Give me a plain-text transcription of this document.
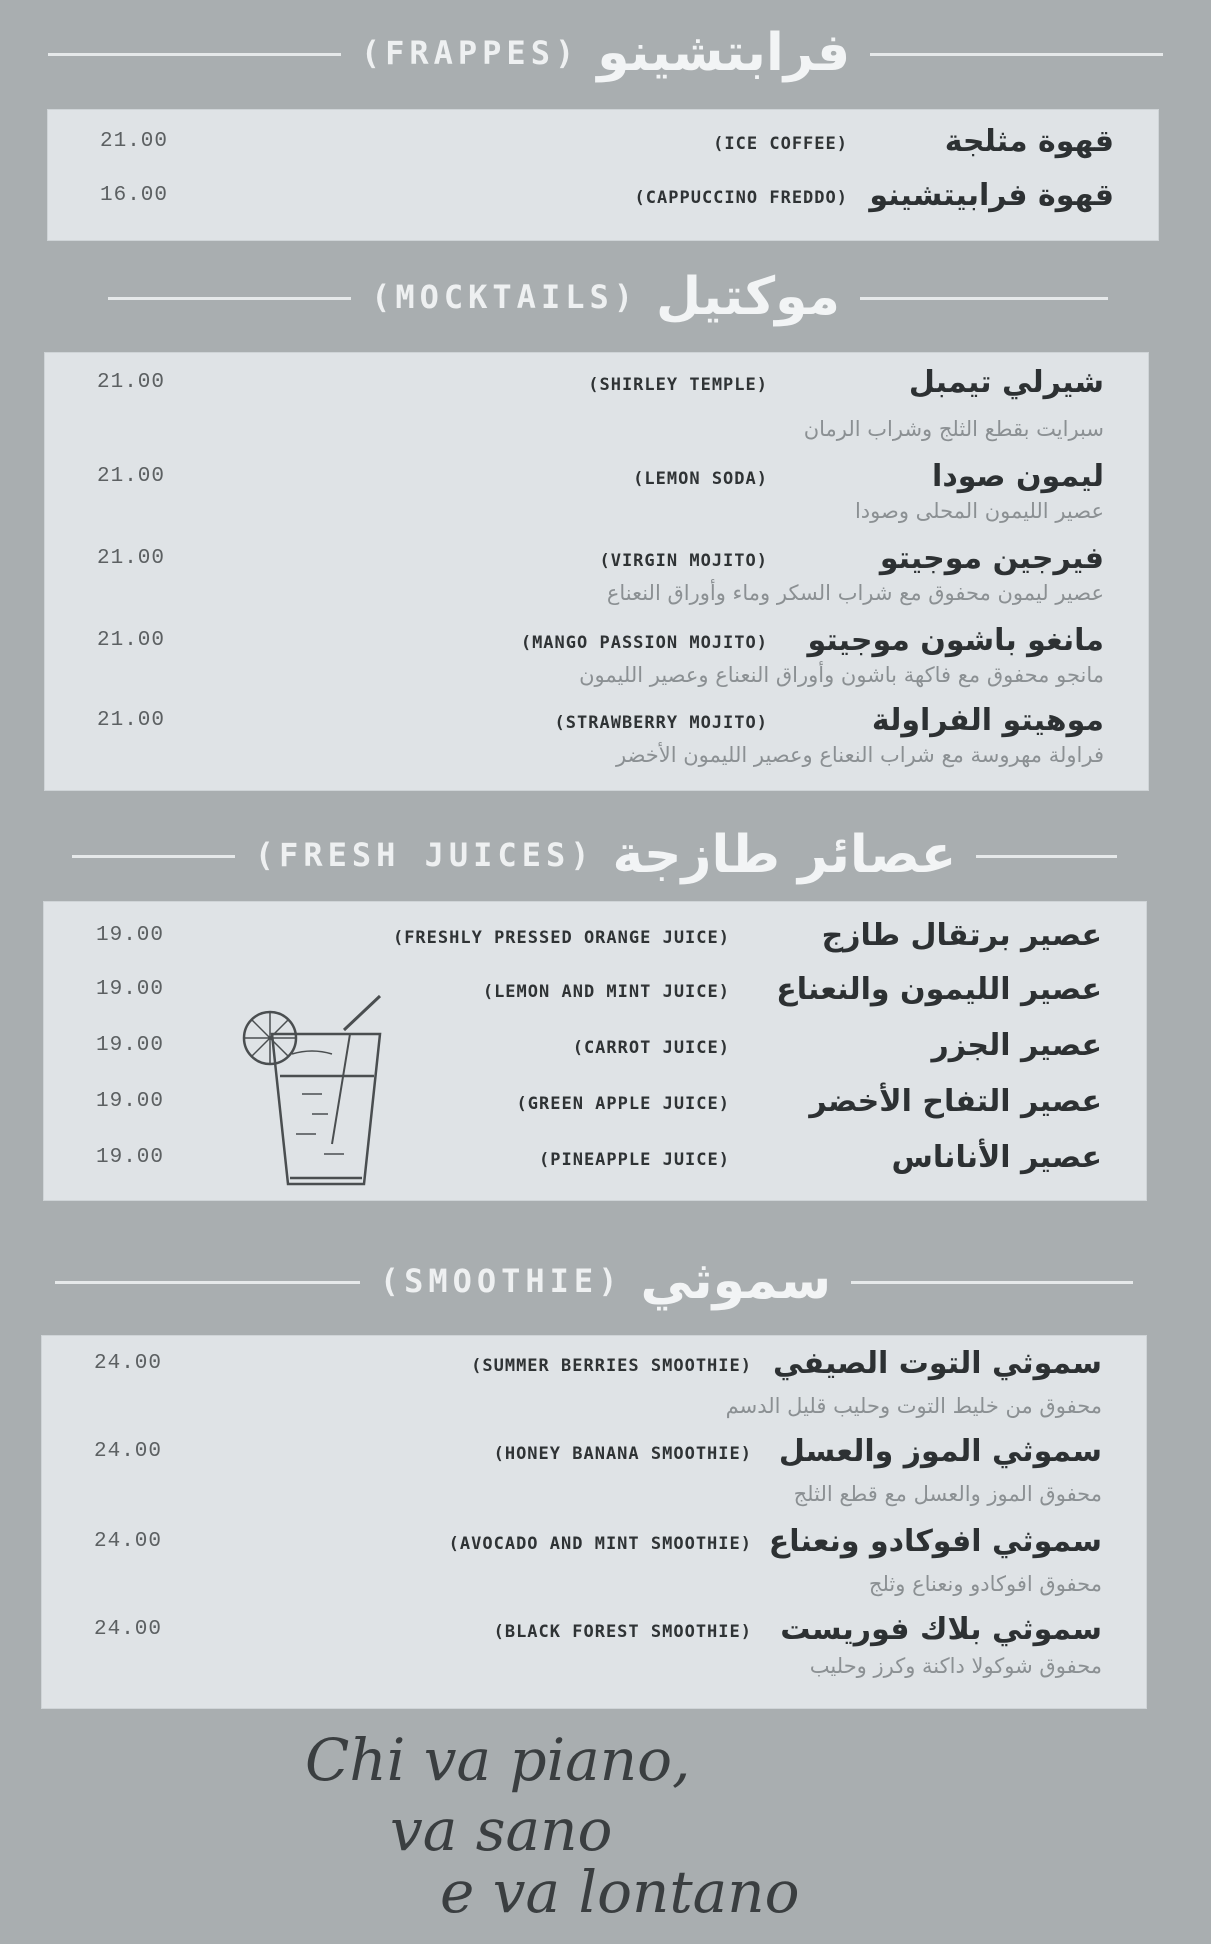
(FRAPPES) فرابتشينو
21.00	(ICE COFFEE)	قهوة مثلجة
16.00	(CAPPUCCINO FREDDO) قهوة فرابيتشينو
(MOCKTAILS) موكتيل
21.00	(SHIRLEY TEMPLE)	شيرلي تيمبل
سبرايت بقطع الثلج وشراب الرمان
21.00	(LEMON SODA)	ليمون صودا
عصير الليمون المحلى وصودا
21.00	(VIRGIN MOJITO)	فيرجين موجيتو
عصير ليمون محفوق مع شراب السكر وماء وأوراق النعناع
21.00	(MANGO PASSION MOJITO) مانغو باشون موجيتو
مانجو محفوق مع فاكهة باشون وأوراق النعناع وعصير الليمون
21.00	(STRAWBERRY MOJITO)	موهيتو الفراولة
فراولة مهروسة مع شراب النعناع وعصير الليمون الأخضر
(FRESH JUICES) عصائر طازجة
19.00	(FRESHLY PRESSED ORANGE JUICE)	عصير برتقال طازج
19.00	(LEMON AND MINT JUICE) عصير الليمون والنعناع
19.00	(CARROT JUICE)	عصير الجزر
19.00	(GREEN APPLE JUICE)	عصير التفاح الأخضر
19.00	(PINEAPPLE JUICE)	عصير الأناناس
(SMOOTHIE) سموثي
24.00	(SUMMER BERRIES SMOOTHIE) سموثي التوت الصيفي
محفوق من خليط التوت وحليب قليل الدسم
24.00	(HONEY BANANA SMOOTHIE) سموثي الموز والعسل
محفوق الموز والعسل مع قطع الثلج
24.00	(AVOCADO AND MINT SMOOTHIE) سموثي افوكادو ونعناع
محفوق افوكادو ونعناع وثلج
24.00	(BLACK FOREST SMOOTHIE) سموثي بلاك فوريست
محفوق شوكولا داكنة وكرز وحليب
Chi va piano,
va sano
e va lontano
